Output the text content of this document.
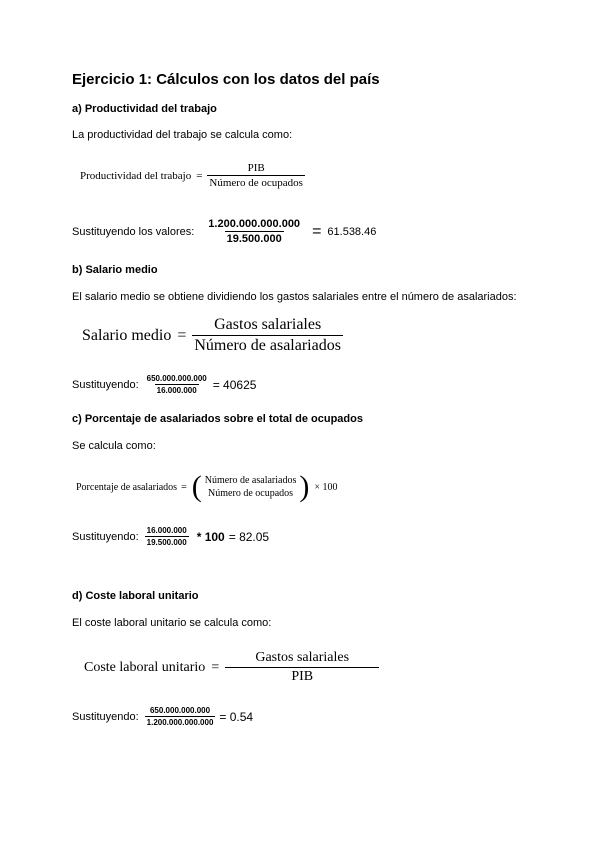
Ejercicio 1: Cálculos con los datos del país
a) Productividad del trabajo
La productividad del trabajo se calcula como:
Productividad del trabajo = $\frac{\text{PIB}}{\text{Número de ocupados}}$
Sustituyendo los valores: $\frac{1.200.000.000.000}{19.500.000} = 61.538.46$
b) Salario medio
El salario medio se obtiene dividiendo los gastos salariales entre el número de asalariados:
Salario medio = $\frac{\text{Gastos salariales}}{\text{Número de asalariados}}$
Sustituyendo: $\frac{650.000.000.000}{16.000.000} = 40625$
c) Porcentaje de asalariados sobre el total de ocupados
Se calcula como:
Porcentaje de asalariados = ( Número de asalariados
Número de ocupados ) × 100
Sustituyendo: $\frac{16.000.000}{19.500.000} * 100 = 82.05$
d) Coste laboral unitario
El coste laboral unitario se calcula como:
Coste laboral unitario = $\frac{\text{Gastos salariales}}{\text{PIB}}$
Sustituyendo: $\frac{650.000.000.000}{1.200.000.000.000} = 0.54$
